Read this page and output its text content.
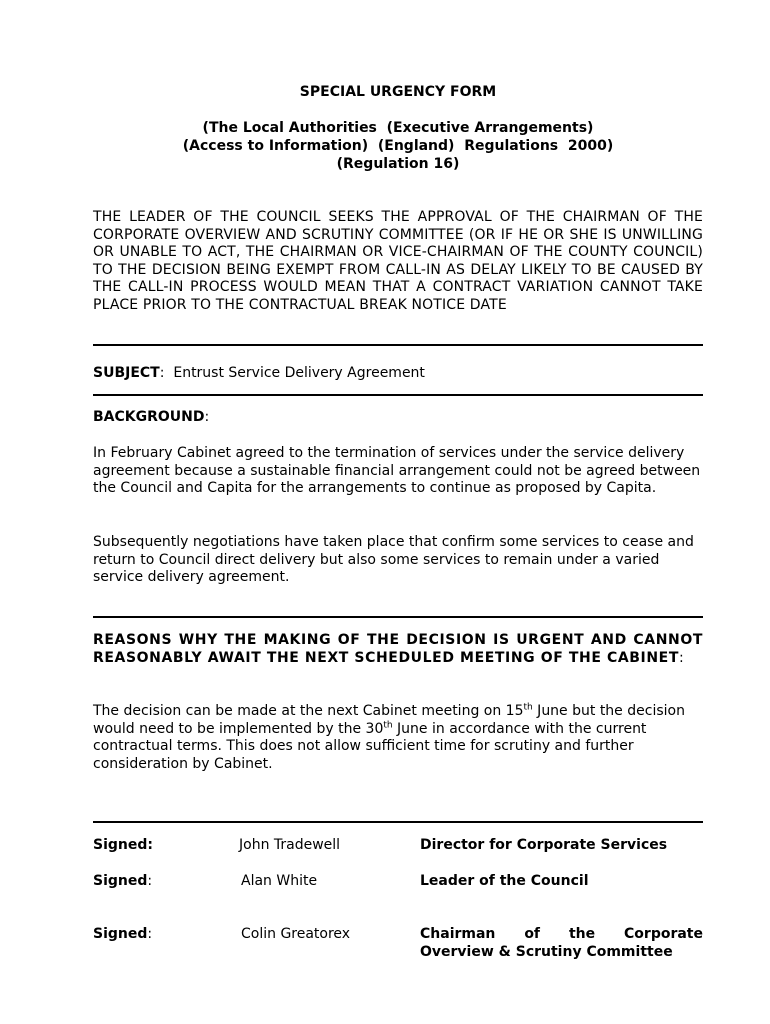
SPECIAL URGENCY FORM
(The Local Authorities  (Executive Arrangements)
(Access to Information)  (England)  Regulations  2000)
(Regulation 16)
THE LEADER OF THE COUNCIL SEEKS THE APPROVAL OF THE CHAIRMAN OF THE CORPORATE OVERVIEW AND SCRUTINY COMMITTEE (OR IF HE OR SHE IS UNWILLING OR UNABLE TO ACT, THE CHAIRMAN OR VICE-CHAIRMAN OF THE COUNTY COUNCIL) TO THE DECISION BEING EXEMPT FROM CALL-IN AS DELAY LIKELY TO BE CAUSED BY THE CALL-IN PROCESS WOULD MEAN THAT A CONTRACT VARIATION CANNOT TAKE PLACE PRIOR TO THE CONTRACTUAL BREAK NOTICE DATE
SUBJECT: Entrust Service Delivery Agreement
BACKGROUND:
In February Cabinet agreed to the termination of services under the service delivery agreement because a sustainable financial arrangement could not be agreed between the Council and Capita for the arrangements to continue as proposed by Capita.
Subsequently negotiations have taken place that confirm some services to cease and return to Council direct delivery but also some services to remain under a varied service delivery agreement.
REASONS WHY THE MAKING OF THE DECISION IS URGENT AND CANNOT REASONABLY AWAIT THE NEXT SCHEDULED MEETING OF THE CABINET:
The decision can be made at the next Cabinet meeting on 15th June but the decision would need to be implemented by the 30th June in accordance with the current contractual terms. This does not allow sufficient time for scrutiny and further consideration by Cabinet.
Signed:	John Tradewell	Director for Corporate Services
Signed:	Alan White	Leader of the Council
Signed:	Colin Greatorex	Chairman of the Corporate Overview & Scrutiny Committee
